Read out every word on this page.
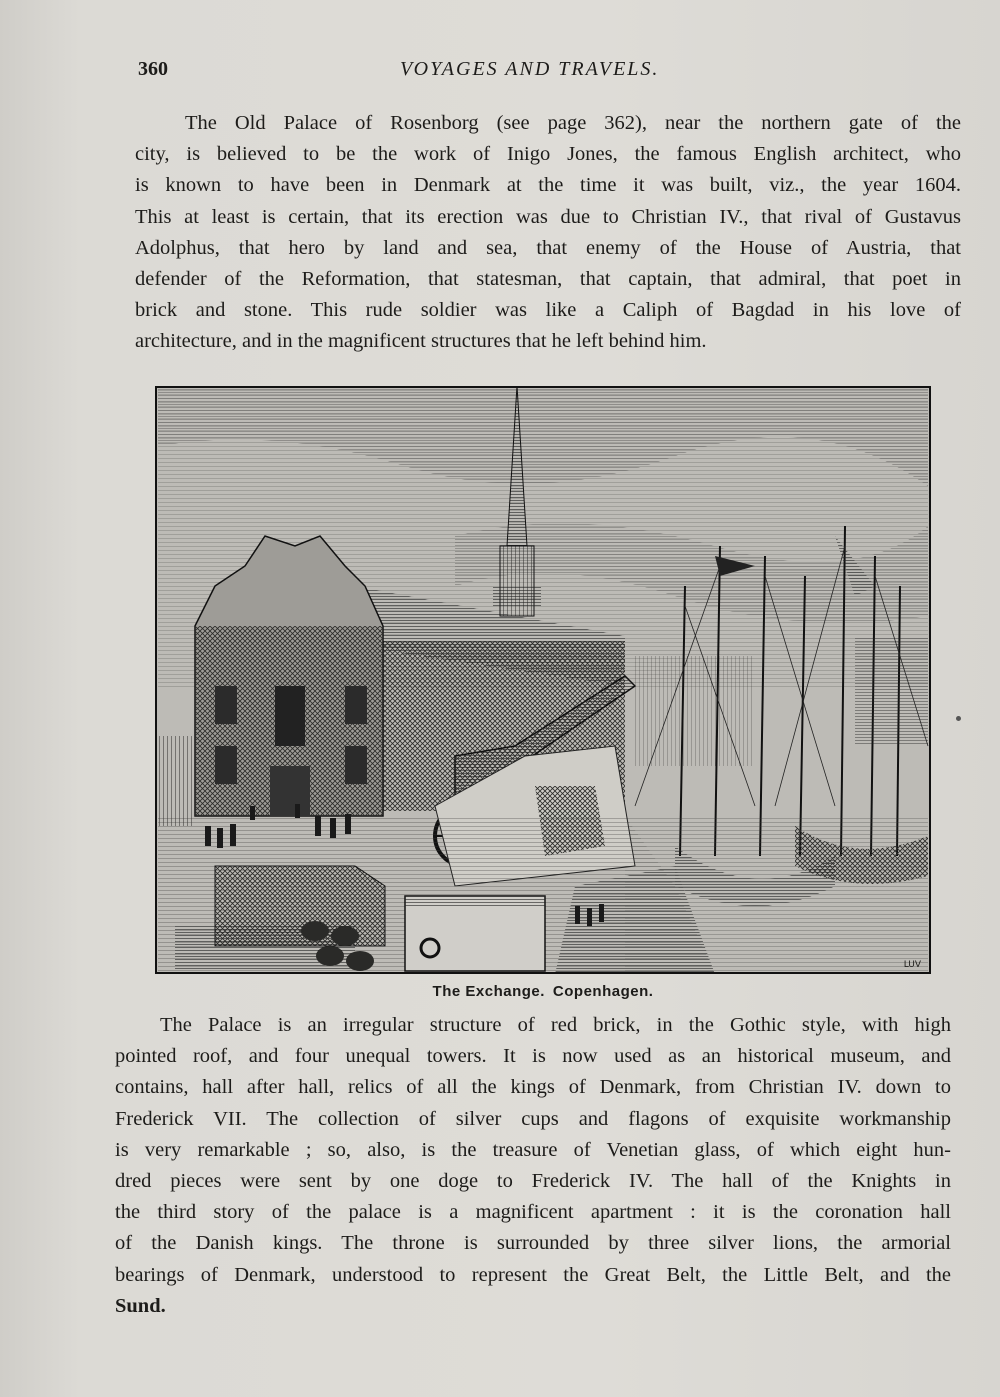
360	VOYAGES AND TRAVELS.
The Old Palace of Rosenborg (see page 362), near the northern gate of the
city, is believed to be the work of Inigo Jones, the famous English architect, who
is known to have been in Denmark at the time it was built, viz., the year 1604.
This at least is certain, that its erection was due to Christian IV., that rival of Gustavus
Adolphus, that hero by land and sea, that enemy of the House of Austria, that
defender of the Reformation, that statesman, that captain, that admiral, that poet in
brick and stone. This rude soldier was like a Caliph of Bagdad in his love of
architecture, and in the magnificent structures that he left behind him.
LUV
The Exchange. Copenhagen.
The Palace is an irregular structure of red brick, in the Gothic style, with high
pointed roof, and four unequal towers. It is now used as an historical museum, and
contains, hall after hall, relics of all the kings of Denmark, from Christian IV. down to
Frederick VII. The collection of silver cups and flagons of exquisite workmanship
is very remarkable ; so, also, is the treasure of Venetian glass, of which eight hun-
dred pieces were sent by one doge to Frederick IV. The hall of the Knights in
the third story of the palace is a magnificent apartment : it is the coronation hall
of the Danish kings. The throne is surrounded by three silver lions, the armorial
bearings of Denmark, understood to represent the Great Belt, the Little Belt, and the
Sund.
